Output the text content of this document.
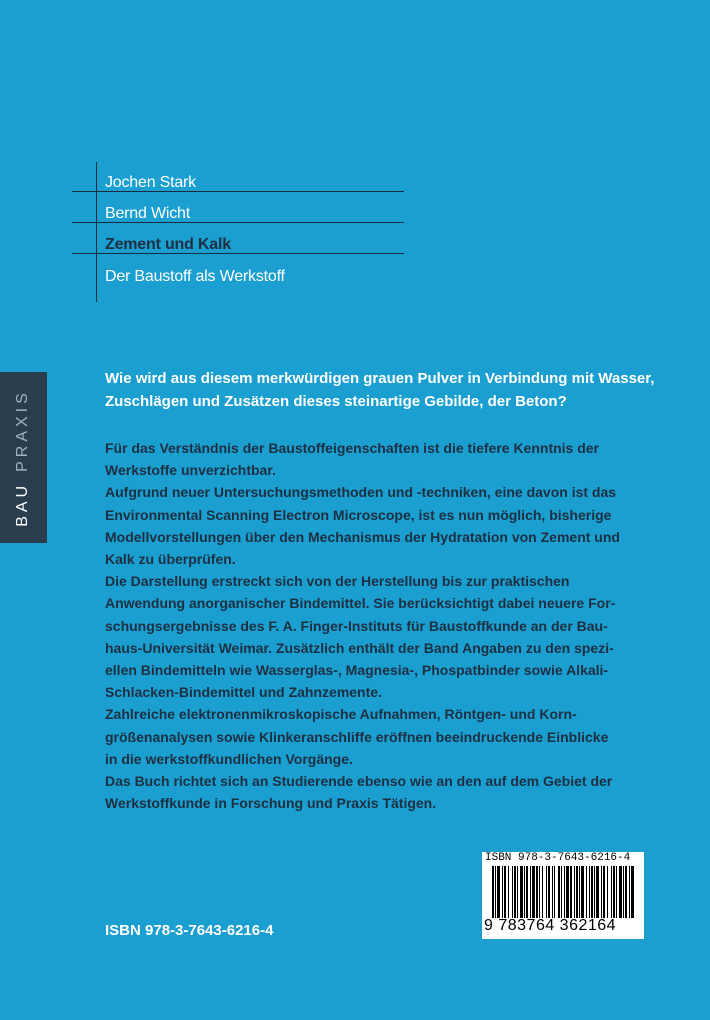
Jochen Stark
Bernd Wicht
Zement und Kalk
Der Baustoff als Werkstoff
BAUPRAXIS
Wie wird aus diesem merkwürdigen grauen Pulver in Verbindung mit Wasser,
Zuschlägen und Zusätzen dieses steinartige Gebilde, der Beton?

Für das Verständnis der Baustoffeigenschaften ist die tiefere Kenntnis der

Werkstoffe unverzichtbar.

Aufgrund neuer Untersuchungsmethoden und -techniken, eine davon ist das

Environmental Scanning Electron Microscope, ist es nun möglich, bisherige

Modellvorstellungen über den Mechanismus der Hydratation von Zement und

Kalk zu überprüfen.

Die Darstellung erstreckt sich von der Herstellung bis zur praktischen

Anwendung anorganischer Bindemittel. Sie berücksichtigt dabei neuere For-

schungsergebnisse des F. A. Finger-Instituts für Baustoffkunde an der Bau-

haus-Universität Weimar. Zusätzlich enthält der Band Angaben zu den spezi-

ellen Bindemitteln wie Wasserglas-, Magnesia-, Phospatbinder sowie Alkali-

Schlacken-Bindemittel und Zahnzemente.

Zahlreiche elektronenmikroskopische Aufnahmen, Röntgen- und Korn-

größenanalysen sowie Klinkeranschliffe eröffnen beeindruckende Einblicke

in die werkstoffkundlichen Vorgänge.

Das Buch richtet sich an Studierende ebenso wie an den auf dem Gebiet der

Werkstoffkunde in Forschung und Praxis Tätigen.

ISBN 978-3-7643-6216-4
ISBN 978-3-7643-6216-4
9 783764 362164
